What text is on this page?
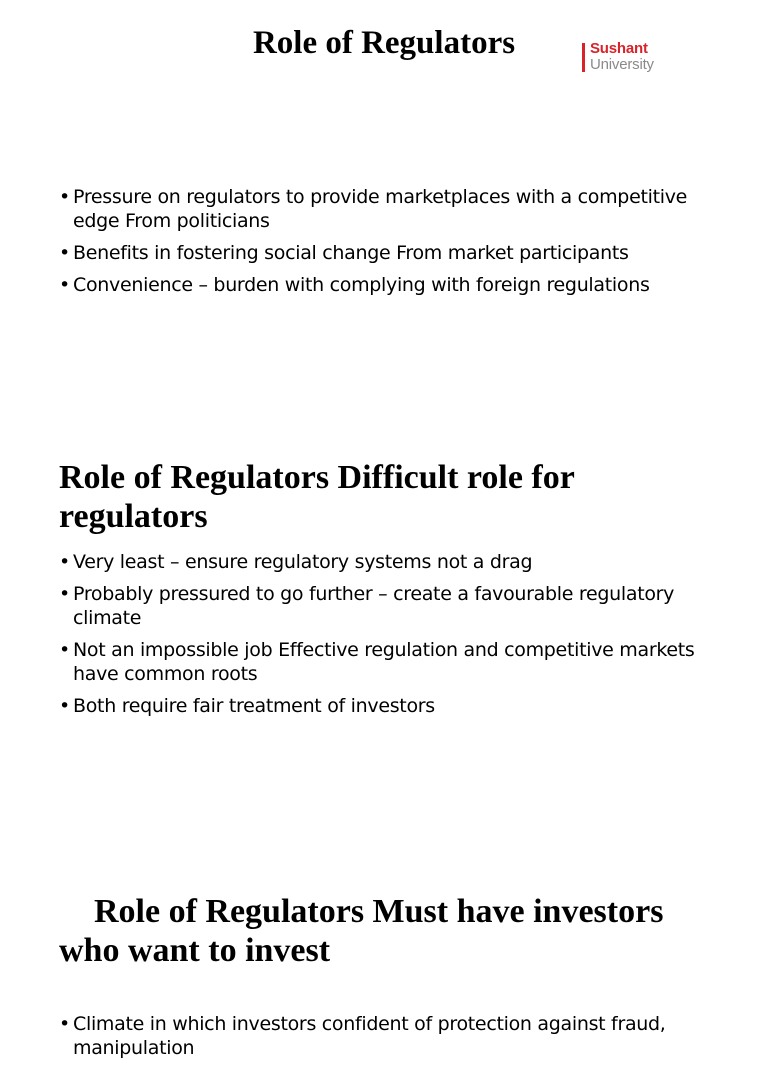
Role of Regulators	Sushant
University
• Pressure on regulators to provide marketplaces with a competitive edge From politicians
• Benefits in fostering social change From market participants
• Convenience – burden with complying with foreign regulations
Role of Regulators Difficult role for regulators
• Very least – ensure regulatory systems not a drag
• Probably pressured to go further – create a favourable regulatory climate
• Not an impossible job Effective regulation and competitive markets have common roots
• Both require fair treatment of investors
Role of Regulators Must have investors who want to invest
• Climate in which investors confident of protection against fraud, manipulation
